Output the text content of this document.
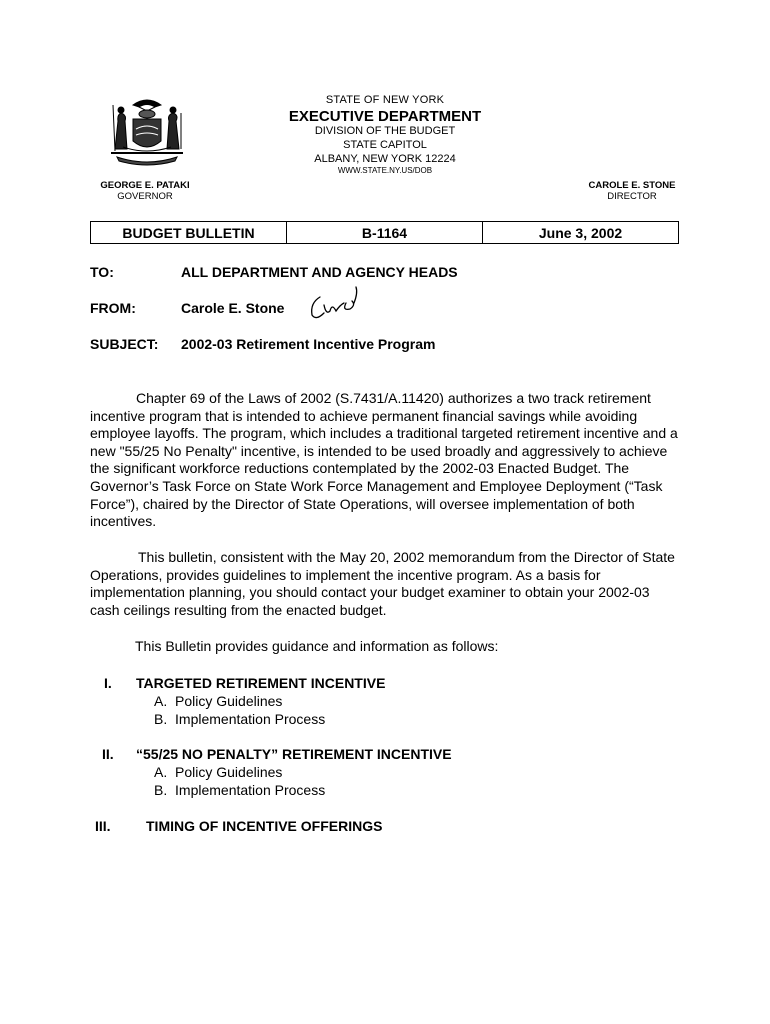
STATE OF NEW YORK
EXECUTIVE DEPARTMENT
DIVISION OF THE BUDGET
STATE CAPITOL
ALBANY, NEW YORK 12224
WWW.STATE.NY.US/DOB
GEORGE E. PATAKI
GOVERNOR
CAROLE E. STONE
DIRECTOR
BUDGET BULLETIN	B-1164	June 3, 2002
TO:	ALL DEPARTMENT AND AGENCY HEADS
FROM:	Carole E. Stone
SUBJECT: 2002-03 Retirement Incentive Program

Chapter 69 of the Laws of 2002 (S.7431/A.11420) authorizes a two track retirement incentive program that is intended to achieve permanent financial savings while avoiding employee layoffs. The program, which includes a traditional targeted retirement incentive and a new "55/25 No Penalty" incentive, is intended to be used broadly and aggressively to achieve the significant workforce reductions contemplated by the 2002-03 Enacted Budget. The Governor’s Task Force on State Work Force Management and Employee Deployment (“Task Force”), chaired by the Director of State Operations, will oversee implementation of both incentives.

This bulletin, consistent with the May 20, 2002 memorandum from the Director of State Operations, provides guidelines to implement the incentive program. As a basis for implementation planning, you should contact your budget examiner to obtain your 2002-03 cash ceilings resulting from the enacted budget.

This Bulletin provides guidance and information as follows:
I. TARGETED RETIREMENT INCENTIVE
A. Policy Guidelines
B. Implementation Process
II. “55/25 NO PENALTY” RETIREMENT INCENTIVE
A. Policy Guidelines
B. Implementation Process
III.	TIMING OF INCENTIVE OFFERINGS
